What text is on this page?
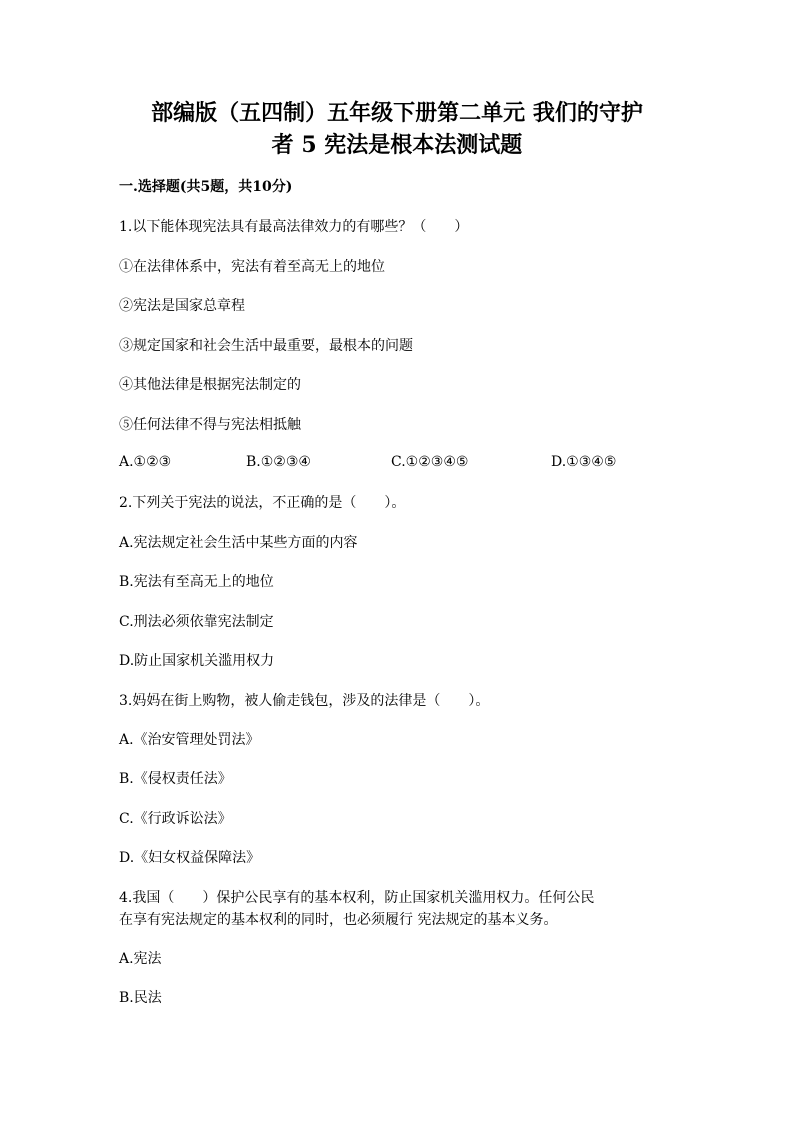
部编版（五四制）五年级下册第二单元 我们的守护
者 5 宪法是根本法测试题
一.选择题(共5题，共10分)
1.以下能体现宪法具有最高法律效力的有哪些？（　　）
①在法律体系中，宪法有着至高无上的地位
②宪法是国家总章程
③规定国家和社会生活中最重要，最根本的问题
④其他法律是根据宪法制定的
⑤任何法律不得与宪法相抵触
A.①②③	B.①②③④	C.①②③④⑤	D.①③④⑤
2.下列关于宪法的说法，不正确的是（　　）。
A.宪法规定社会生活中某些方面的内容
B.宪法有至高无上的地位
C.刑法必须依靠宪法制定
D.防止国家机关滥用权力
3.妈妈在街上购物，被人偷走钱包，涉及的法律是（　　）。
A.《治安管理处罚法》
B.《侵权责任法》
C.《行政诉讼法》
D.《妇女权益保障法》
4.我国（　　）保护公民享有的基本权利，防止国家机关滥用权力。任何公民
在享有宪法规定的基本权利的同时，也必须履行 宪法规定的基本义务。
A.宪法
B.民法
